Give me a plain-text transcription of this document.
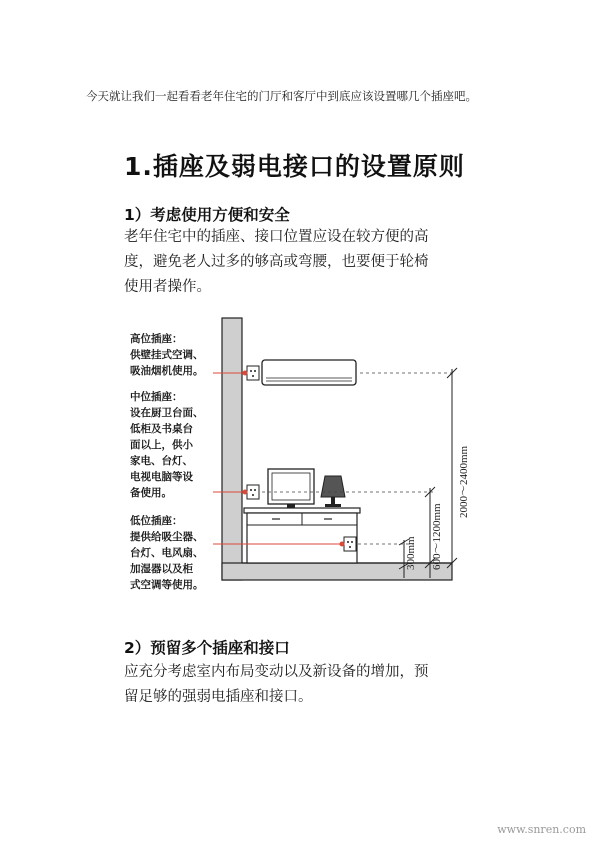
今天就让我们一起看看老年住宅的门厅和客厅中到底应该设置哪几个插座吧。
1.插座及弱电接口的设置原则
1）考虑使用方便和安全
老年住宅中的插座、接口位置应设在较方便的高
度，避免老人过多的够高或弯腰，也要便于轮椅
使用者操作。
300mm 600～1200mm
2000～2400mm
高位插座：
供壁挂式空调、
吸油烟机使用。
中位插座：
设在厨卫台面、
低柜及书桌台
面以上，供小
家电、台灯、
电视电脑等设
备使用。
低位插座：
提供给吸尘器、
台灯、电风扇、
加湿器以及柜
式空调等使用。
2）预留多个插座和接口
应充分考虑室内布局变动以及新设备的增加，预
留足够的强弱电插座和接口。
www.snren.com
